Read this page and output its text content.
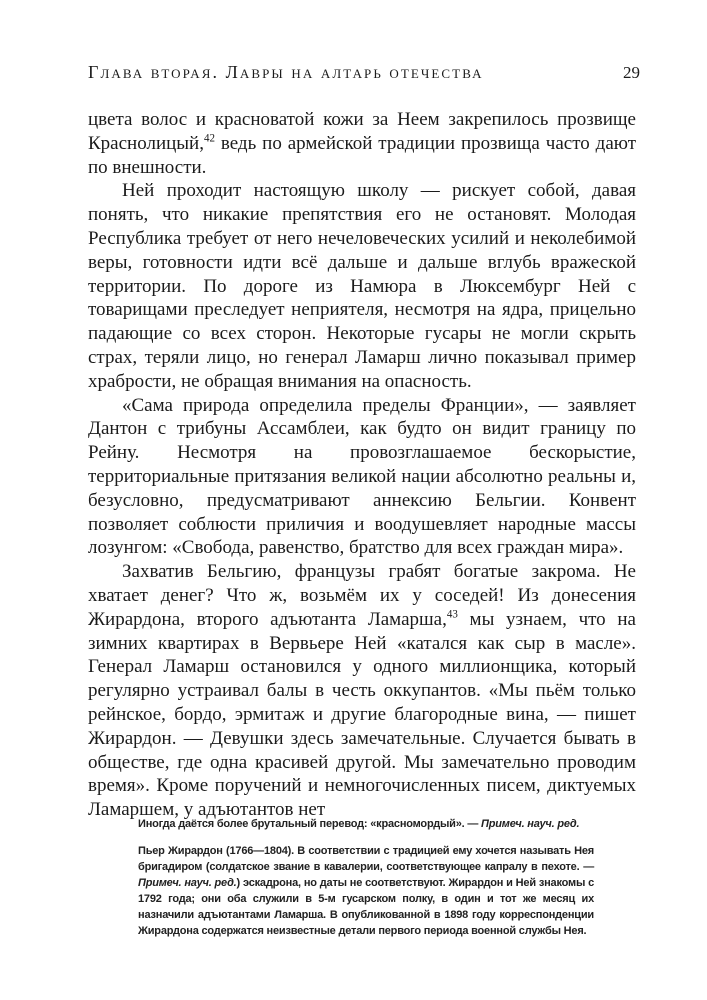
Глава вторая. Лавры на алтарь отечества	29

цвета волос и красноватой кожи за Неем закрепилось прозвище Краснолицый,$^{42}$ ведь по армейской традиции прозвища часто дают по внешности.

Ней проходит настоящую школу — рискует собой, давая понять, что никакие препятствия его не остановят. Молодая Республика требует от него нечеловеческих усилий и неколебимой веры, готовности идти всё дальше и дальше вглубь вражеской территории. По дороге из Намюра в Люксембург Ней с товарищами преследует неприятеля, несмотря на ядра, прицельно падающие со всех сторон. Некоторые гусары не могли скрыть страх, теряли лицо, но генерал Ламарш лично показывал пример храбрости, не обращая внимания на опасность.

«Сама природа определила пределы Франции», — заявляет Дантон с трибуны Ассамблеи, как будто он видит границу по Рейну. Несмотря на провозглашаемое бескорыстие, территориальные притязания великой нации абсолютно реальны и, безусловно, предусматривают аннексию Бельгии. Конвент позволяет соблюсти приличия и воодушевляет народные массы лозунгом: «Свобода, равенство, братство для всех граждан мира».

Захватив Бельгию, французы грабят богатые закрома. Не хватает денег? Что ж, возьмём их у соседей! Из донесения Жирардона, второго адъютанта Ламарша,$^{43}$ мы узнаем, что на зимних квартирах в Вервьере Ней «катался как сыр в масле». Генерал Ламарш остановился у одного миллионщика, который регулярно устраивал балы в честь оккупантов. «Мы пьём только рейнское, бордо, эрмитаж и другие благородные вина, — пишет Жирардон. — Девушки здесь замечательные. Случается бывать в обществе, где одна красивей другой. Мы замечательно проводим время». Кроме поручений и немногочисленных писем, диктуемых Ламаршем, у адъютантов нет

Иногда даётся более брутальный перевод: «красномордый». — Примеч. науч. ред.

Пьер Жирардон (1766—1804). В соответствии с традицией ему хочется называть Нея бригадиром (солдатское звание в кавалерии, соответствующее капралу в пехоте. — Примеч. науч. ред.) эскадрона, но даты не соответствуют. Жирардон и Ней знакомы с 1792 года; они оба служили в 5-м гусарском полку, в один и тот же месяц их назначили адъютантами Ламарша. В опубликованной в 1898 году корреспонденции Жирардона содержатся неизвестные детали первого периода военной службы Нея.
